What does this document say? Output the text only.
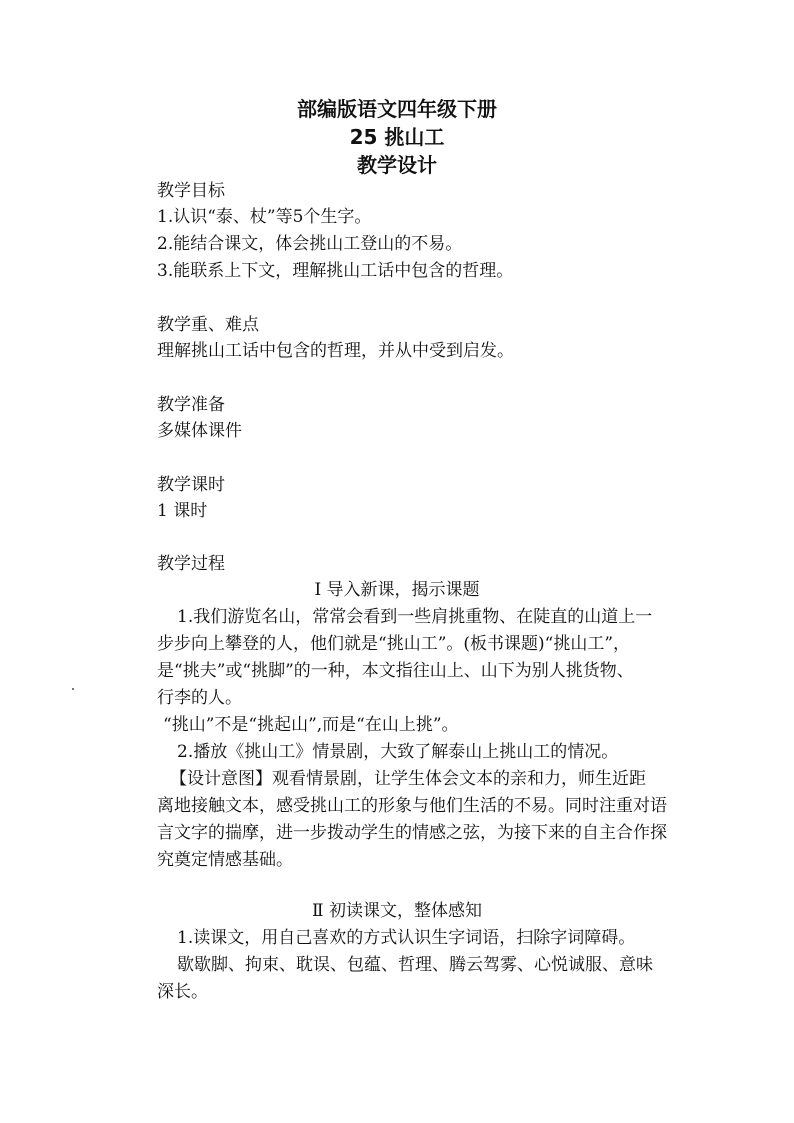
部编版语文四年级下册
25 挑山工
教学设计
教学目标
1.认识“泰、杖”等5个生字。
2.能结合课文，体会挑山工登山的不易。
3.能联系上下文，理解挑山工话中包含的哲理。
教学重、难点
理解挑山工话中包含的哲理，并从中受到启发。
教学准备
多媒体课件
教学课时
1 课时
教学过程
Ⅰ 导入新课，揭示课题
1.我们游览名山，常常会看到一些肩挑重物、在陡直的山道上一
步步向上攀登的人，他们就是“挑山工”。(板书课题)“挑山工”，
是“挑夫”或“挑脚”的一种，本文指往山上、山下为别人挑货物、
行李的人。
“挑山”不是“挑起山”,而是“在山上挑”。
2.播放《挑山工》情景剧，大致了解泰山上挑山工的情况。
【设计意图】观看情景剧，让学生体会文本的亲和力，师生近距
离地接触文本，感受挑山工的形象与他们生活的不易。同时注重对语
言文字的揣摩，进一步拨动学生的情感之弦，为接下来的自主合作探
究奠定情感基础。
Ⅱ 初读课文，整体感知
1.读课文，用自己喜欢的方式认识生字词语，扫除字词障碍。
歇歇脚、拘束、耽误、包蕴、哲理、腾云驾雾、心悦诚服、意味
深长。
